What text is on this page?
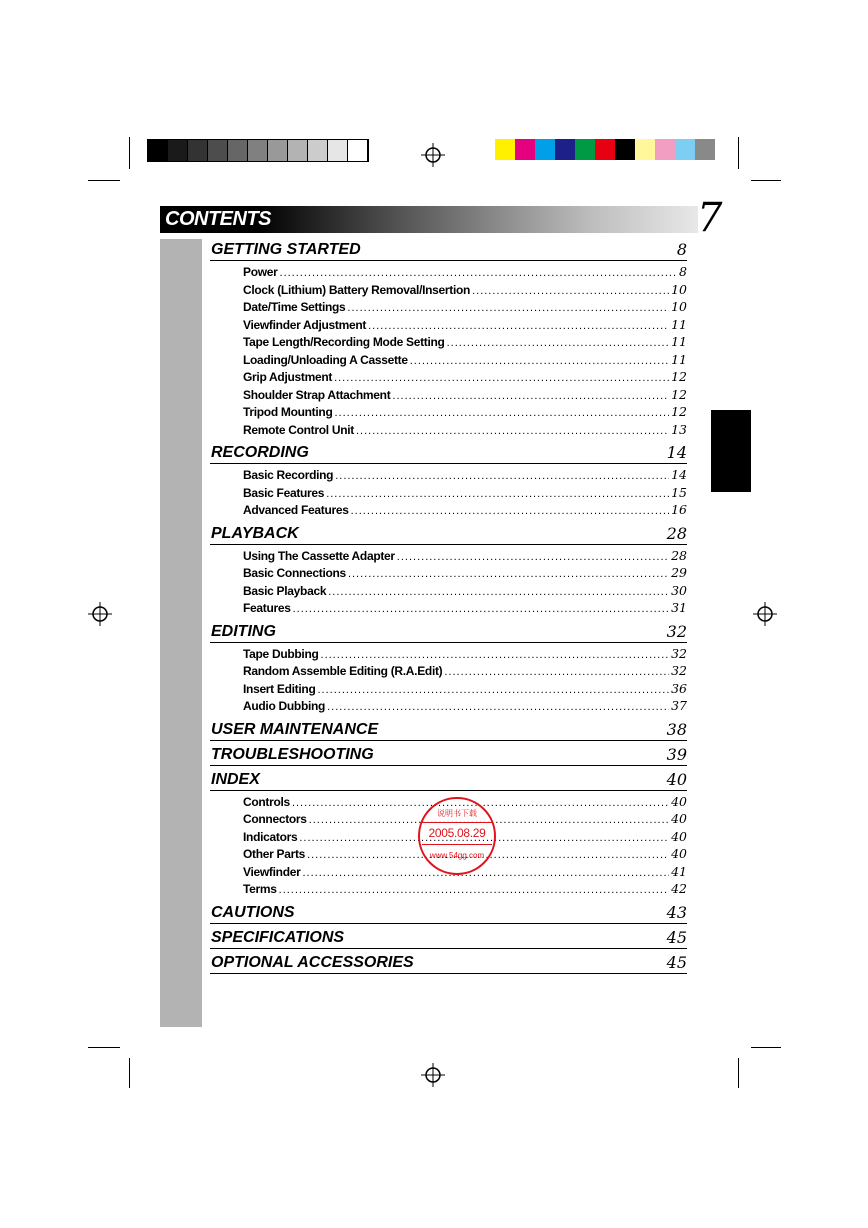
CONTENTS	7
GETTING STARTED	8
Power .....	8
Clock (Lithium) Battery Removal/Insertion .....	10
Date/Time Settings .....	10
Viewfinder Adjustment .....	11
Tape Length/Recording Mode Setting .....	11
Loading/Unloading A Cassette .....	11
Grip Adjustment .....	12
Shoulder Strap Attachment .....	12
Tripod Mounting .....	12
Remote Control Unit .....	13
RECORDING	14
Basic Recording .....	14
Basic Features .....	15
Advanced Features .....	16
PLAYBACK	28
Using The Cassette Adapter .....	28
Basic Connections .....	29
Basic Playback .....	30
Features .....	31
EDITING	32
Tape Dubbing .....	32
Random Assemble Editing (R.A.Edit) .....	32
Insert Editing .....	36
Audio Dubbing .....	37
USER MAINTENANCE	38
TROUBLESHOOTING	39
INDEX	40
Controls .....	40
Connectors .....	40
Indicators .....	40
Other Parts .....	40
Viewfinder .....	41
Terms .....	42
CAUTIONS	43
SPECIFICATIONS	45
OPTIONAL ACCESSORIES	45
说明书下载
2005.08.29
www.54gg.com
